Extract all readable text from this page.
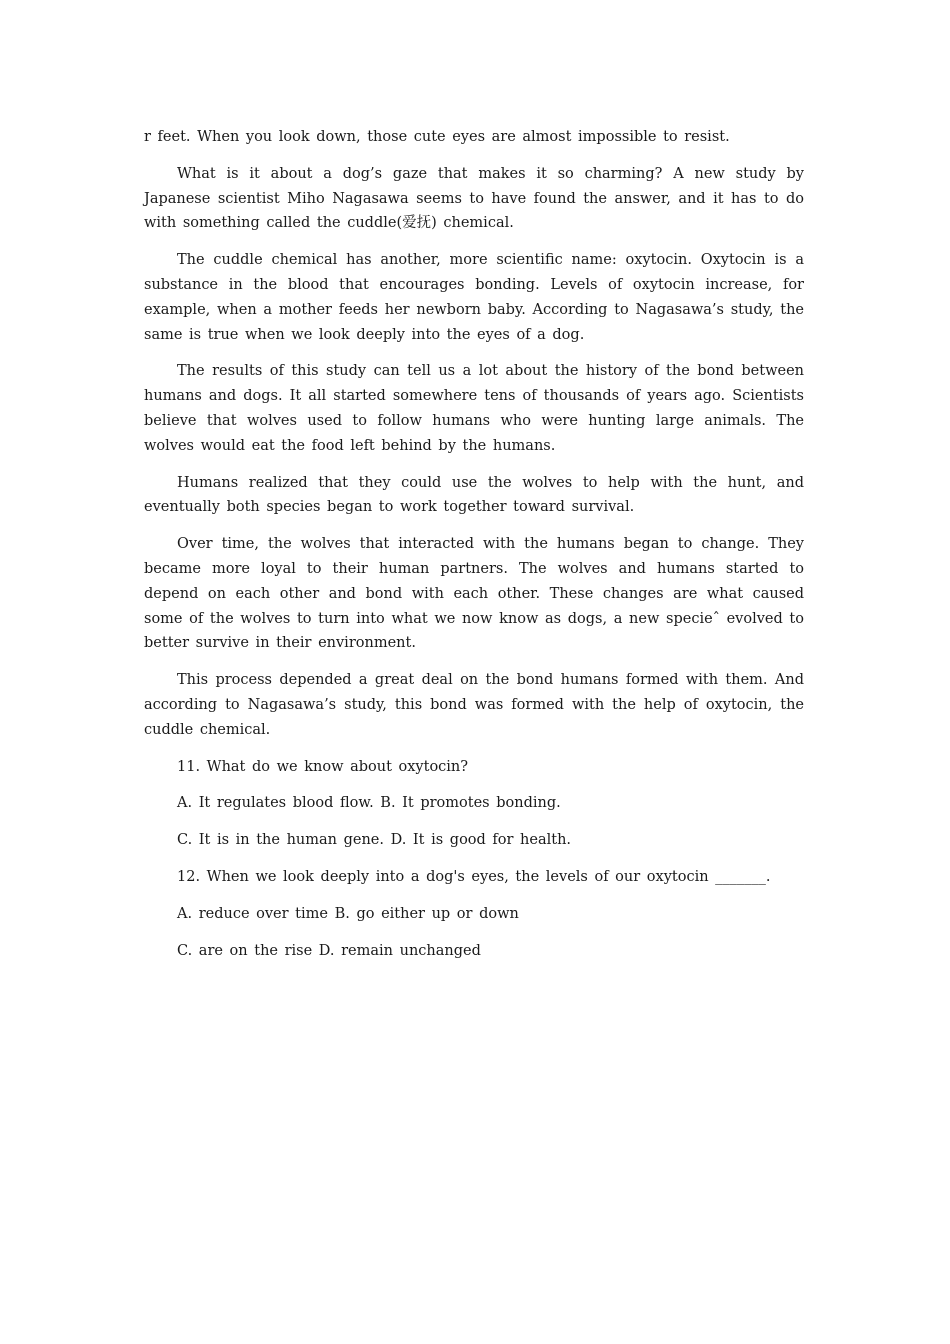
r feet. When you look down, those cute eyes are almost impossible to resist.

What is it about a dog’s gaze that makes it so charming? A new study by Japanese scientist Miho Nagasawa seems to have found the answer, and it has to do with something called the cuddle(爱抚) chemical.

The cuddle chemical has another, more scientific name: oxytocin. Oxytocin is a substance in the blood that encourages bonding. Levels of oxytocin increase, for example, when a mother feeds her newborn baby. According to Nagasawa’s study, the same is true when we look deeply into the eyes of a dog.

The results of this study can tell us a lot about the history of the bond between humans and dogs. It all started somewhere tens of thousands of years ago. Scientists believe that wolves used to follow humans who were hunting large animals. The wolves would eat the food left behind by the humans.

Humans realized that they could use the wolves to help with the hunt, and eventually both species began to work together toward survival.

Over time, the wolves that interacted with the humans began to change. They became more loyal to their human partners. The wolves and humans started to depend on each other and bond with each other. These changes are what caused some of the wolves to turn into what we now know as dogs, a new specieˆ evolved to better survive in their environment.

This process depended a great deal on the bond humans formed with them. And according to Nagasawa’s study, this bond was formed with the help of oxytocin, the cuddle chemical.

11. What do we know about oxytocin?

A. It regulates blood flow. B. It promotes bonding.

C. It is in the human gene. D. It is good for health.

12. When we look deeply into a dog's eyes, the levels of our oxytocin _______.

A. reduce over time B. go either up or down

C. are on the rise D. remain unchanged
